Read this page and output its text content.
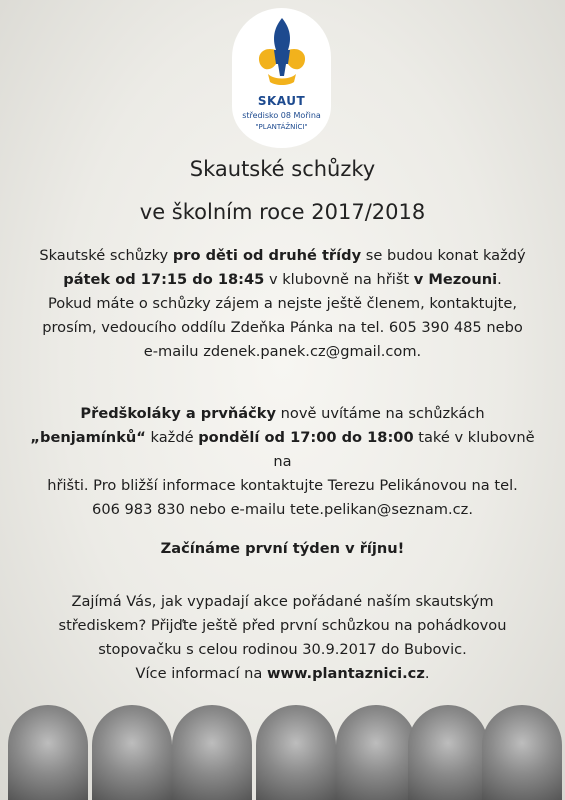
SKAUT
středisko 08 Mořina
"PLANTÁŽNÍCI"
Skautské schůzky
ve školním roce 2017/2018
Skautské schůzky pro děti od druhé třídy se budou konat každý
pátek od 17:15 do 18:45 v klubovně na hřišt v Mezouni.
Pokud máte o schůzky zájem a nejste ještě členem, kontaktujte,
prosím, vedoucího oddílu Zdeňka Pánka na tel. 605 390 485 nebo
e-mailu zdenek.panek.cz@gmail.com.
Předškoláky a prvňáčky nově uvítáme na schůzkách
„benjamínků“ každé pondělí od 17:00 do 18:00 také v klubovně na
hřišti. Pro bližší informace kontaktujte Terezu Pelikánovou na tel.
606 983 830 nebo e-mailu tete.pelikan@seznam.cz.
Začínáme první týden v říjnu!
Zajímá Vás, jak vypadají akce pořádané naším skautským
střediskem? Přijďte ještě před první schůzkou na pohádkovou
stopovačku s celou rodinou 30.9.2017 do Bubovic.
Více informací na www.plantaznici.cz.
